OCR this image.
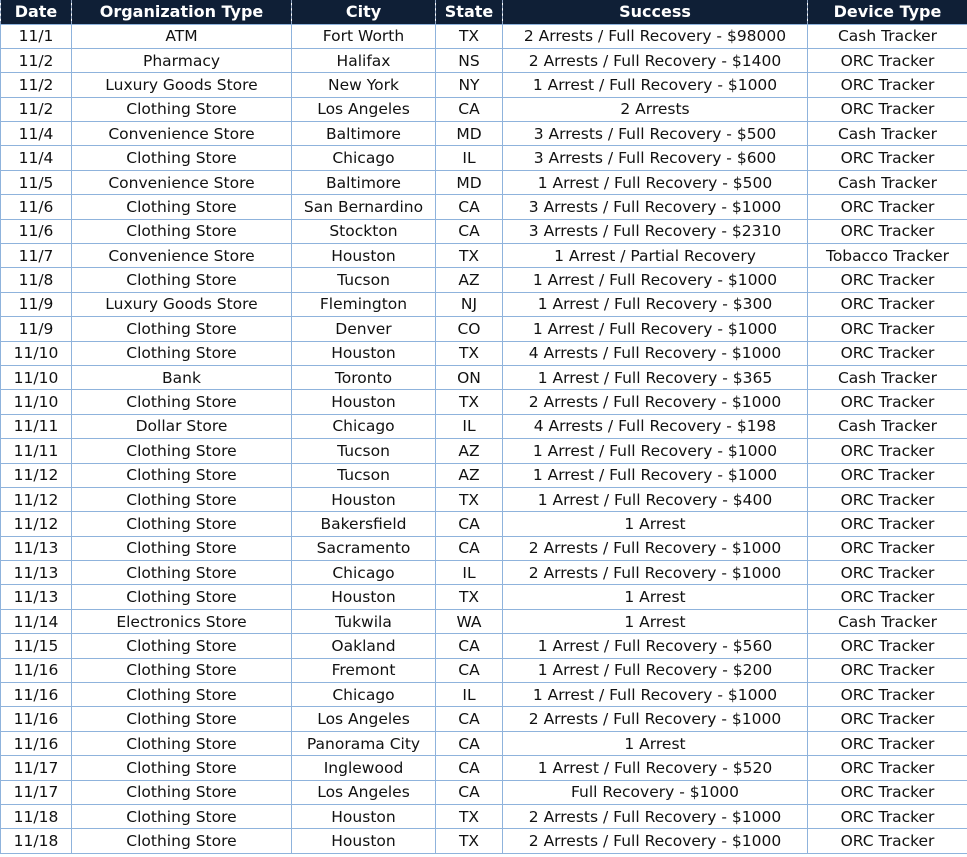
Date	Organization Type	City	State	Success	Device Type
11/1	ATM	Fort Worth	TX	2 Arrests / Full Recovery - $98000	Cash Tracker
11/2	Pharmacy	Halifax	NS	2 Arrests / Full Recovery - $1400	ORC Tracker
11/2	Luxury Goods Store	New York	NY	1 Arrest / Full Recovery - $1000	ORC Tracker
11/2	Clothing Store	Los Angeles	CA	2 Arrests	ORC Tracker
11/4	Convenience Store	Baltimore	MD	3 Arrests / Full Recovery - $500	Cash Tracker
11/4	Clothing Store	Chicago	IL	3 Arrests / Full Recovery - $600	ORC Tracker
11/5	Convenience Store	Baltimore	MD	1 Arrest / Full Recovery - $500	Cash Tracker
11/6	Clothing Store	San Bernardino	CA	3 Arrests / Full Recovery - $1000	ORC Tracker
11/6	Clothing Store	Stockton	CA	3 Arrests / Full Recovery - $2310	ORC Tracker
11/7	Convenience Store	Houston	TX	1 Arrest / Partial Recovery	Tobacco Tracker
11/8	Clothing Store	Tucson	AZ	1 Arrest / Full Recovery - $1000	ORC Tracker
11/9	Luxury Goods Store	Flemington	NJ	1 Arrest / Full Recovery - $300	ORC Tracker
11/9	Clothing Store	Denver	CO	1 Arrest / Full Recovery - $1000	ORC Tracker
11/10	Clothing Store	Houston	TX	4 Arrests / Full Recovery - $1000	ORC Tracker
11/10	Bank	Toronto	ON	1 Arrest / Full Recovery - $365	Cash Tracker
11/10	Clothing Store	Houston	TX	2 Arrests / Full Recovery - $1000	ORC Tracker
11/11	Dollar Store	Chicago	IL	4 Arrests / Full Recovery - $198	Cash Tracker
11/11	Clothing Store	Tucson	AZ	1 Arrest / Full Recovery - $1000	ORC Tracker
11/12	Clothing Store	Tucson	AZ	1 Arrest / Full Recovery - $1000	ORC Tracker
11/12	Clothing Store	Houston	TX	1 Arrest / Full Recovery - $400	ORC Tracker
11/12	Clothing Store	Bakersfield	CA	1 Arrest	ORC Tracker
11/13	Clothing Store	Sacramento	CA	2 Arrests / Full Recovery - $1000	ORC Tracker
11/13	Clothing Store	Chicago	IL	2 Arrests / Full Recovery - $1000	ORC Tracker
11/13	Clothing Store	Houston	TX	1 Arrest	ORC Tracker
11/14	Electronics Store	Tukwila	WA	1 Arrest	Cash Tracker
11/15	Clothing Store	Oakland	CA	1 Arrest / Full Recovery - $560	ORC Tracker
11/16	Clothing Store	Fremont	CA	1 Arrest / Full Recovery - $200	ORC Tracker
11/16	Clothing Store	Chicago	IL	1 Arrest / Full Recovery - $1000	ORC Tracker
11/16	Clothing Store	Los Angeles	CA	2 Arrests / Full Recovery - $1000	ORC Tracker
11/16	Clothing Store	Panorama City	CA	1 Arrest	ORC Tracker
11/17	Clothing Store	Inglewood	CA	1 Arrest / Full Recovery - $520	ORC Tracker
11/17	Clothing Store	Los Angeles	CA	Full Recovery - $1000	ORC Tracker
11/18	Clothing Store	Houston	TX	2 Arrests / Full Recovery - $1000	ORC Tracker
11/18	Clothing Store	Houston	TX	2 Arrests / Full Recovery - $1000	ORC Tracker
